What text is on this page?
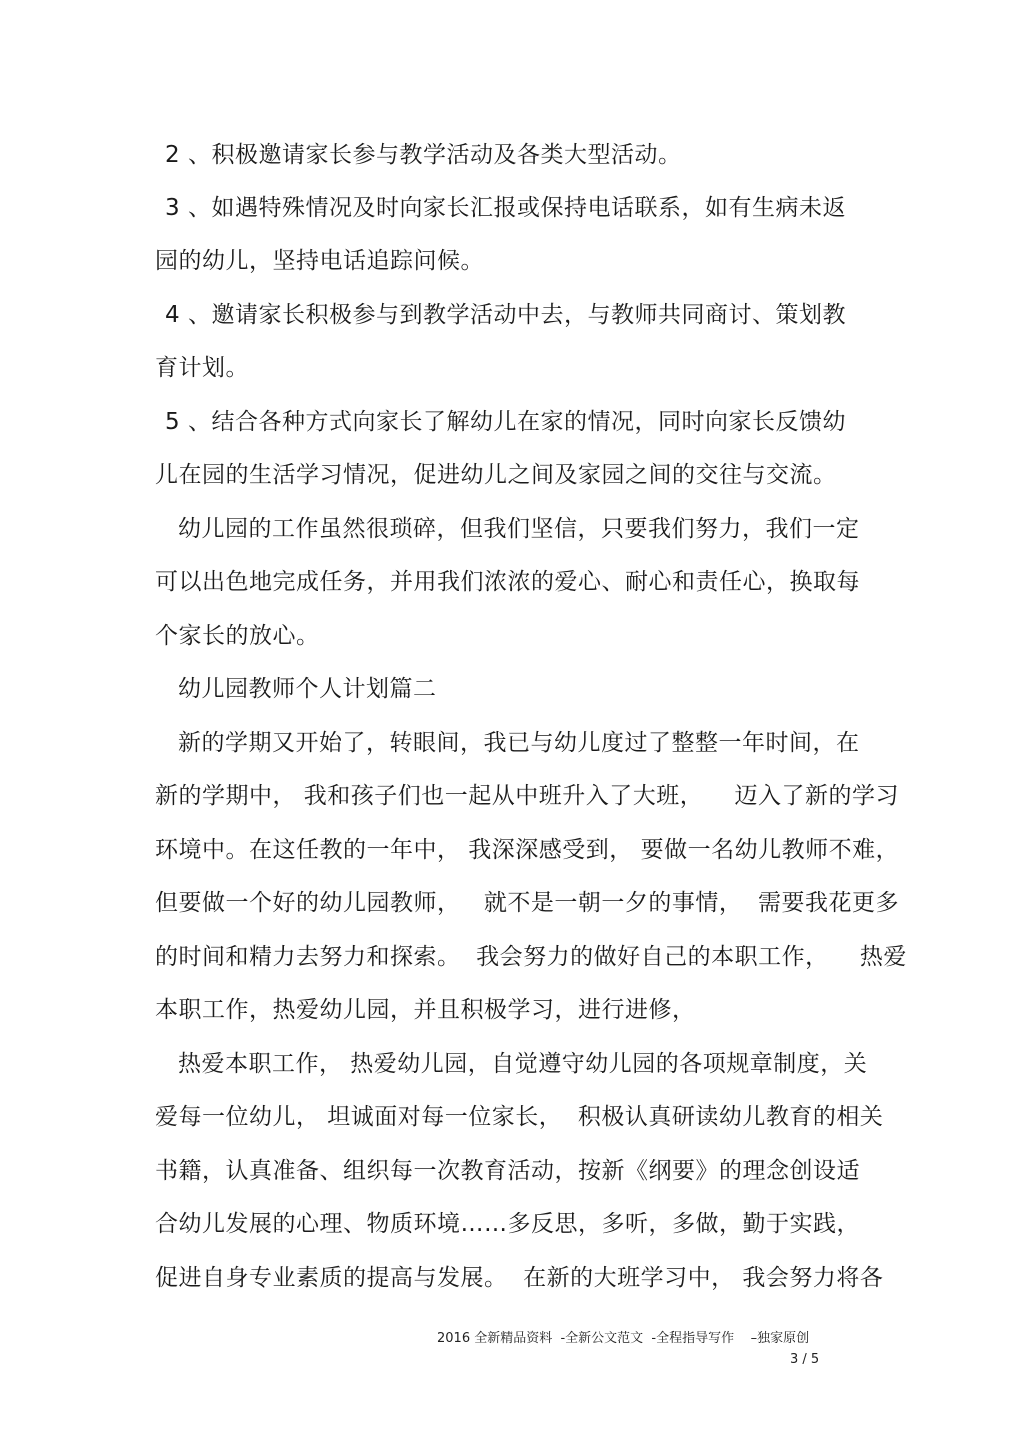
2 、积极邀请家长参与教学活动及各类大型活动。
3 、如遇特殊情况及时向家长汇报或保持电话联系，如有生病未返
园的幼儿，坚持电话追踪问候。
4 、邀请家长积极参与到教学活动中去，与教师共同商讨、策划教
育计划。
5 、结合各种方式向家长了解幼儿在家的情况，同时向家长反馈幼
儿在园的生活学习情况，促进幼儿之间及家园之间的交往与交流。
幼儿园的工作虽然很琐碎，但我们坚信，只要我们努力，我们一定
可以出色地完成任务，并用我们浓浓的爱心、耐心和责任心，换取每
个家长的放心。
幼儿园教师个人计划篇二
新的学期又开始了，转眼间，我已与幼儿度过了整整一年时间，在
新的学期中， 我和孩子们也一起从中班升入了大班，    迈入了新的学习
环境中。在这任教的一年中， 我深深感受到， 要做一名幼儿教师不难，
但要做一个好的幼儿园教师，   就不是一朝一夕的事情，  需要我花更多
的时间和精力去努力和探索。  我会努力的做好自己的本职工作，    热爱
本职工作，热爱幼儿园，并且积极学习，进行进修，
热爱本职工作， 热爱幼儿园，自觉遵守幼儿园的各项规章制度，关
爱每一位幼儿， 坦诚面对每一位家长，  积极认真研读幼儿教育的相关
书籍，认真准备、组织每一次教育活动，按新《纲要》的理念创设适
合幼儿发展的心理、物质环境……多反思，多听，多做，勤于实践，
促进自身专业素质的提高与发展。  在新的大班学习中， 我会努力将各
2016 全新精品资料  -全新公文范文  -全程指导写作    –独家原创
3 / 5
